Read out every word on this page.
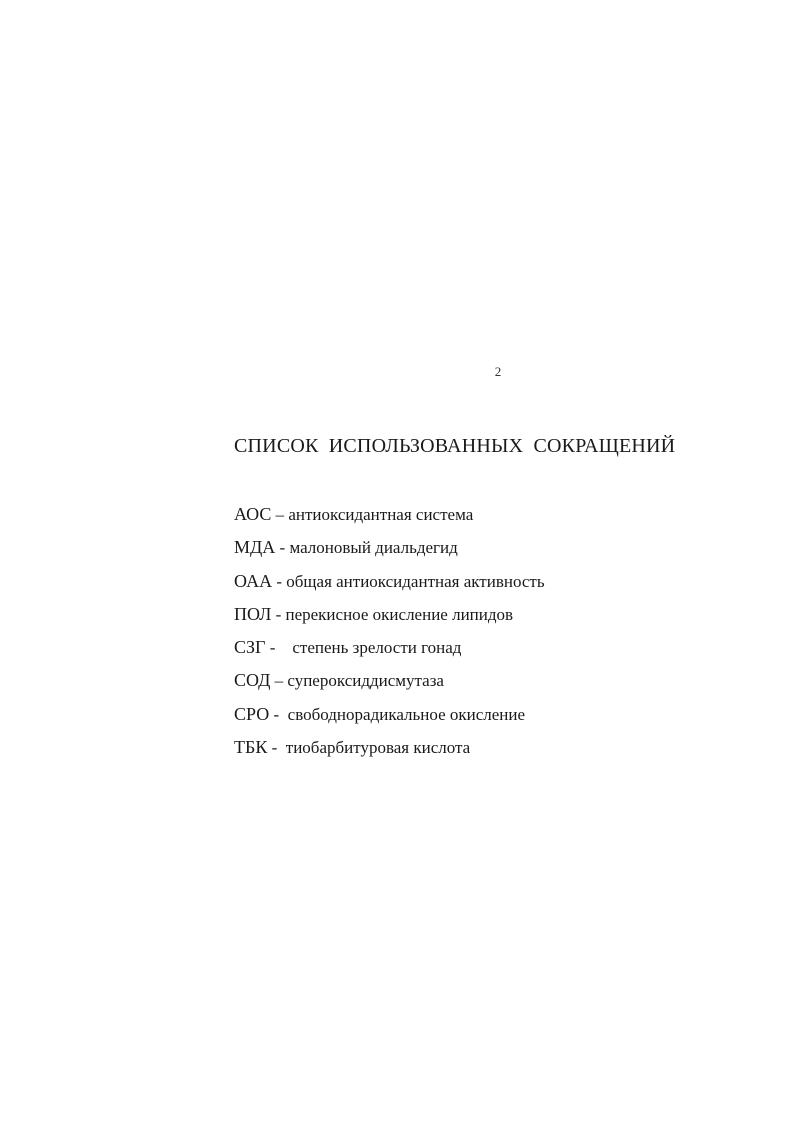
2
СПИСОК ИСПОЛЬЗОВАННЫХ СОКРАЩЕНИЙ
АОС – антиоксидантная система
МДА - малоновый диальдегид
ОАА - общая антиоксидантная активность
ПОЛ - перекисное окисление липидов
СЗГ -    степень зрелости гонад
СОД – супероксиддисмутаза
СРО -  свободнорадикальное окисление
ТБК -  тиобарбитуровая кислота
